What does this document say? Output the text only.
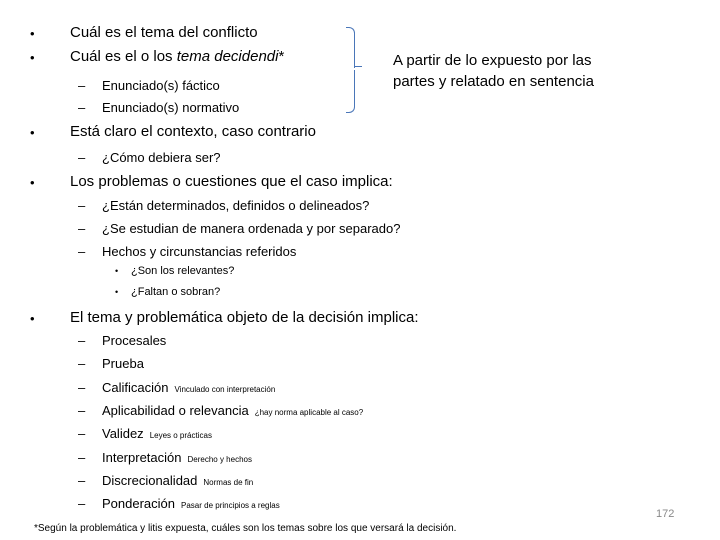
• Cuál es el tema del conflicto
• Cuál es el o los tema decidendi*
– Enunciado(s) fáctico
– Enunciado(s) normativo
A partir de lo expuesto por las partes y relatado en sentencia
• Está claro el contexto, caso contrario
– ¿Cómo debiera ser?
• Los problemas o cuestiones que el caso implica:
– ¿Están determinados, definidos o delineados?
– ¿Se estudian de manera ordenada y por separado?
– Hechos y circunstancias referidos
• ¿Son los relevantes?
• ¿Faltan o sobran?
• El tema y problemática objeto de la decisión implica:
– Procesales
– Prueba
– Calificación Vinculado con interpretación
– Aplicabilidad o relevancia ¿hay norma aplicable al caso?
– Validez Leyes o prácticas
– Interpretación Derecho y hechos
– Discrecionalidad Normas de fin
– Ponderación Pasar de principios a reglas
*Según la problemática y litis expuesta, cuáles son los temas sobre los que versará la decisión.
172
